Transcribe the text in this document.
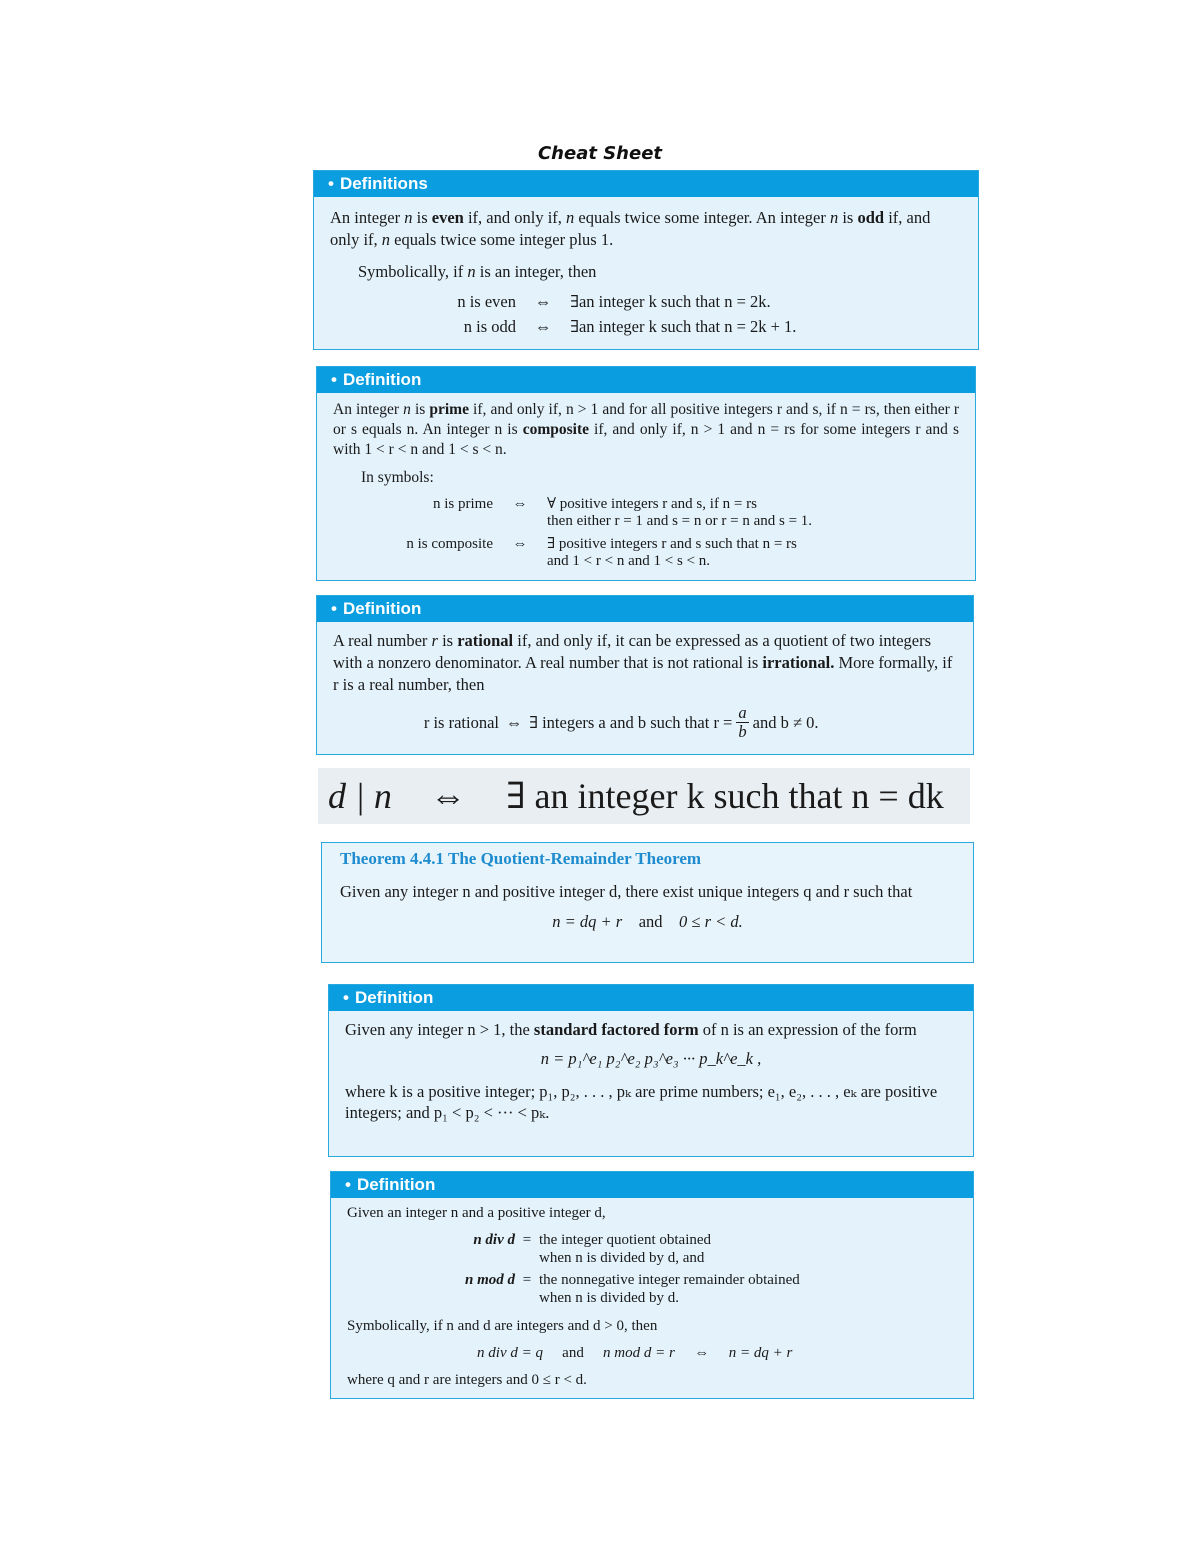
Cheat Sheet
• Definitions
An integer n is even if, and only if, n equals twice some integer. An integer n is odd if, and only if, n equals twice some integer plus 1.
Symbolically, if n is an integer, then
n is even	⇔	∃an integer k such that n = 2k.
n is odd	⇔	∃an integer k such that n = 2k + 1.
• Definition
An integer n is prime if, and only if, n > 1 and for all positive integers r and s, if n = rs, then either r or s equals n. An integer n is composite if, and only if, n > 1 and n = rs for some integers r and s with 1 < r < n and 1 < s < n.
In symbols:
n is prime	⇔	∀ positive integers r and s, if n = rs
then either r = 1 and s = n or r = n and s = 1.
n is composite	⇔	∃ positive integers r and s such that n = rs
and 1 < r < n and 1 < s < n.
• Definition
A real number r is rational if, and only if, it can be expressed as a quotient of two integers with a nonzero denominator. A real number that is not rational is irrational. More formally, if r is a real number, then
r is rational ⇔ ∃ integers a and b such that $r = \frac{a}{b}$ and b ≠ 0.
d | n ⇔ ∃ an integer k such that n = dk
Theorem 4.4.1 The Quotient-Remainder Theorem
Given any integer n and positive integer d, there exist unique integers q and r such that
n = dq + r and 0 ≤ r < d.
• Definition
Given any integer n > 1, the standard factored form of n is an expression of the form
n = p₁^e₁ p₂^e₂ p₃^e₃ ··· p_k^e_k ,
where k is a positive integer; p₁, p₂, . . . , pₖ are prime numbers; e₁, e₂, . . . , eₖ are positive integers; and p₁ < p₂ < ··· < pₖ.
• Definition
Given an integer n and a positive integer d,
n div d = the integer quotient obtained
when n is divided by d, and
n mod d = the nonnegative integer remainder obtained
when n is divided by d.
Symbolically, if n and d are integers and d > 0, then
n div d = q	and	n mod d = r	⇔	n = dq + r
where q and r are integers and 0 ≤ r < d.
